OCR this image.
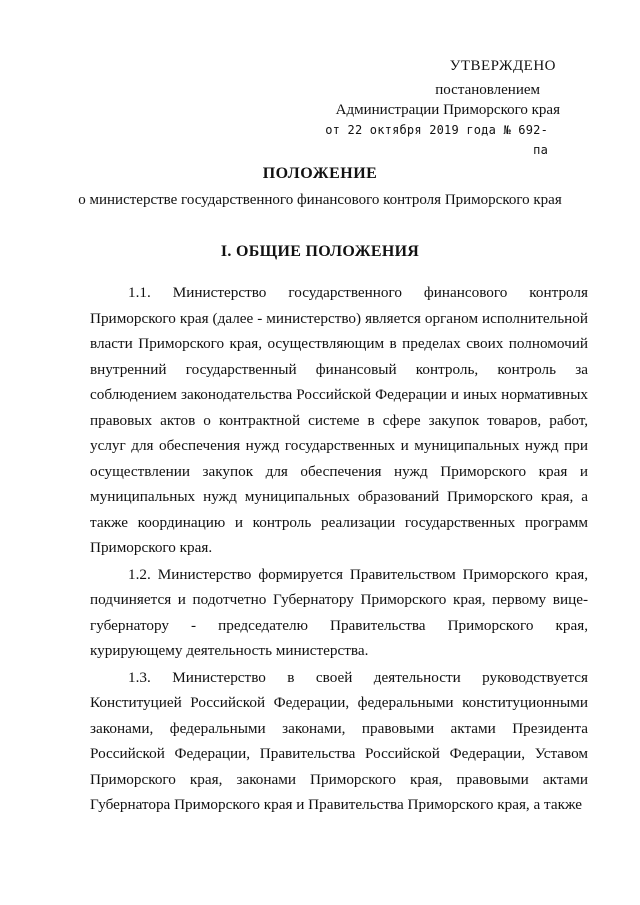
УТВЕРЖДЕНО
постановлением
Администрации Приморского края
от 22 октября 2019 года № 692-па
ПОЛОЖЕНИЕ
о министерстве государственного финансового контроля Приморского края
I. ОБЩИЕ ПОЛОЖЕНИЯ

1.1. Министерство государственного финансового контроля Приморского края (далее - министерство) является органом исполнительной власти Приморского края, осуществляющим в пределах своих полномочий внутренний государственный финансовый контроль, контроль за соблюдением законодательства Российской Федерации и иных нормативных правовых актов о контрактной системе в сфере закупок товаров, работ, услуг для обеспечения нужд государственных и муниципальных нужд при осуществлении закупок для обеспечения нужд Приморского края и муниципальных нужд муниципальных образований Приморского края, а также координацию и контроль реализации государственных программ Приморского края.

1.2. Министерство формируется Правительством Приморского края, подчиняется и подотчетно Губернатору Приморского края, первому вице-губернатору - председателю Правительства Приморского края, курирующему деятельность министерства.

1.3. Министерство в своей деятельности руководствуется Конституцией Российской Федерации, федеральными конституционными законами, федеральными законами, правовыми актами Президента Российской Федерации, Правительства Российской Федерации, Уставом Приморского края, законами Приморского края, правовыми актами Губернатора Приморского края и Правительства Приморского края, а также
